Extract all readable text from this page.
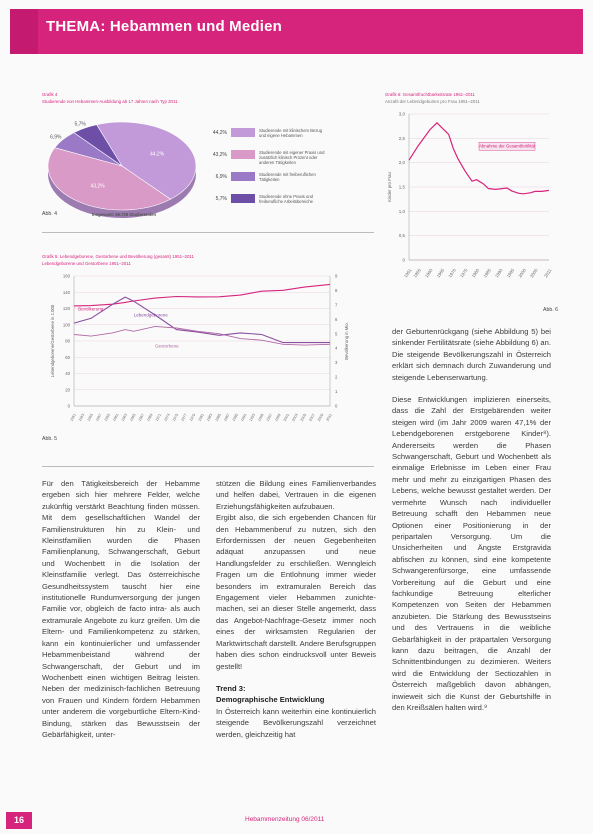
THEMA: Hebammen und Medien
Grafik 4
Studierende von Hebammen-Ausbildung ab 17 Jahren nach Typ 2011
44,2%
43,2%
6,9%
5,7%
44,2%	Studierende mit klinischem Bezug und eigene Hebammen
43,2%	Studierende mit eigener Praxis und zusätzlich klinisch Prozent oder anderen Tätigkeiten
6,9%	Studierende mit freiberuflichen Tätigkeiten
5,7%	Studierende ohne Praxis und freiberufliche Arbeitsbereiche
Abb. 4	Insgesamt: 66.738 Studierenden
Grafik 6: Gesamtfruchtbarkeitsrate 1951–2011
Anzahl der Lebendgeburten pro Frau 1951–2011
3,0
2,5
2,0
1,5
1,0
0,5
0
1951 1955 1960 1965 1970 1975 1980 1985 1990 1995 2000 2005 2011
Kinder pro Frau
Abnahme der Gesamtfertilität
Abb. 6
Grafik 5: Lebendgeborene, Gestorbene und Bevölkerung (gesamt) 1951–2011
Lebendgeborene und Gestorbene 1951–2011
160
140
120
100
80
60
40
20
0
9
8
7
6
5
4
3
2
1
0
1951 1953 1955 1957 1959 1961 1963 1965 1967 1969 1971 1973 1975 1977 1979 1981 1983 1985 1987 1989 1991 1993 1995 1997 1999 2001 2003 2005 2007 2009 2011
Lebendgeborene/Gestorbene in 1.000	Bevölkerung in Mio.
Bevölkerung
Lebendgeborene
Gestorbene
Abb. 5

Für den Tätigkeitsbereich der Hebamme ergeben sich hier mehrere Felder, welche zukünftig verstärkt Beachtung finden müssen. Mit dem gesellschaftlichen Wandel der Familienstrukturen hin zu Klein- und Kleinstfamilien wurden die Phasen Familienplanung, Schwangerschaft, Geburt und Wochenbett in die Isolation der Kleinstfamilie verlegt. Das österreichische Gesundheitssystem tauscht hier eine institutionelle Rundumversorgung der jungen Familie vor, obgleich de facto intra- als auch extramurale Angebote zu kurz greifen. Um die Eltern- und Familienkompetenz zu stärken, kann ein kontinuierlicher und umfassender Hebammenbeistand während der Schwangerschaft, der Geburt und im Wochenbett einen wichtigen Beitrag leisten. Neben der medizinisch-fachlichen Betreuung von Frauen und Kindern fördern Hebammen unter anderem die vorgeburtliche Eltern-Kind-Bindung, stärken das Bewusstsein der Gebärfähigkeit, unter-

stützen die Bildung eines Familienverbandes und helfen dabei, Vertrauen in die eigenen Erziehungsfähigkeiten aufzubauen.

Ergibt also, die sich ergebenden Chancen für den Hebammenberuf zu nutzen, sich den Erfordernissen der neuen Gegebenheiten adäquat anzupassen und neue Handlungsfelder zu erschließen. Wenngleich Fragen um die Entlohnung immer wieder besonders im extramuralen Bereich das Engagement vieler Hebammen zunichte-machen, sei an dieser Stelle angemerkt, dass das Angebot-Nachfrage-Gesetz immer noch eines der wirksamsten Regularien der Marktwirtschaft darstellt. Andere Berufsgruppen haben dies schon eindrucksvoll unter Beweis gestellt!

Trend 3:

Demographische Entwicklung

In Österreich kann weiterhin eine kontinuierlich steigende Bevölkerungszahl verzeichnet werden, gleichzeitig hat

der Geburtenrückgang (siehe Abbildung 5) bei sinkender Fertilitätsrate (siehe Abbildung 6) an. Die steigende Bevölkerungszahl in Österreich erklärt sich demnach durch Zuwanderung und steigende Lebenserwartung.

Diese Entwicklungen implizieren einerseits, dass die Zahl der Erstgebärenden weiter steigen wird (im Jahr 2009 waren 47,1% der Lebendgeborenen erstgeborene Kinder⁸). Andererseits werden die Phasen Schwangerschaft, Geburt und Wochenbett als einmalige Erlebnisse im Leben einer Frau mehr und mehr zu einzigartigen Phasen des Lebens, welche bewusst gestaltet werden. Der vermehrte Wunsch nach individueller Betreuung schafft den Hebammen neue Optionen einer Positionierung in der peripartalen Versorgung. Um die Unsicherheiten und Ängste Erstgravida abfischen zu können, sind eine kompetente Schwangerenfürsorge, eine umfassende Vorbereitung auf die Geburt und eine fachkundige Betreuung elterlicher Kompetenzen von Seiten der Hebammen anzubieten. Die Stärkung des Bewusstseins und des Vertrauens in die weibliche Gebärfähigkeit in der präpartalen Versorgung kann dazu beitragen, die Anzahl der Schnittentbindungen zu dezimieren. Weiters wird die Entwicklung der Sectiozahlen in Österreich maßgeblich davon abhängen, inwieweit sich die Kunst der Geburtshilfe in den Kreißsälen halten wird.⁹

16	Hebammenzeitung 06/2011
